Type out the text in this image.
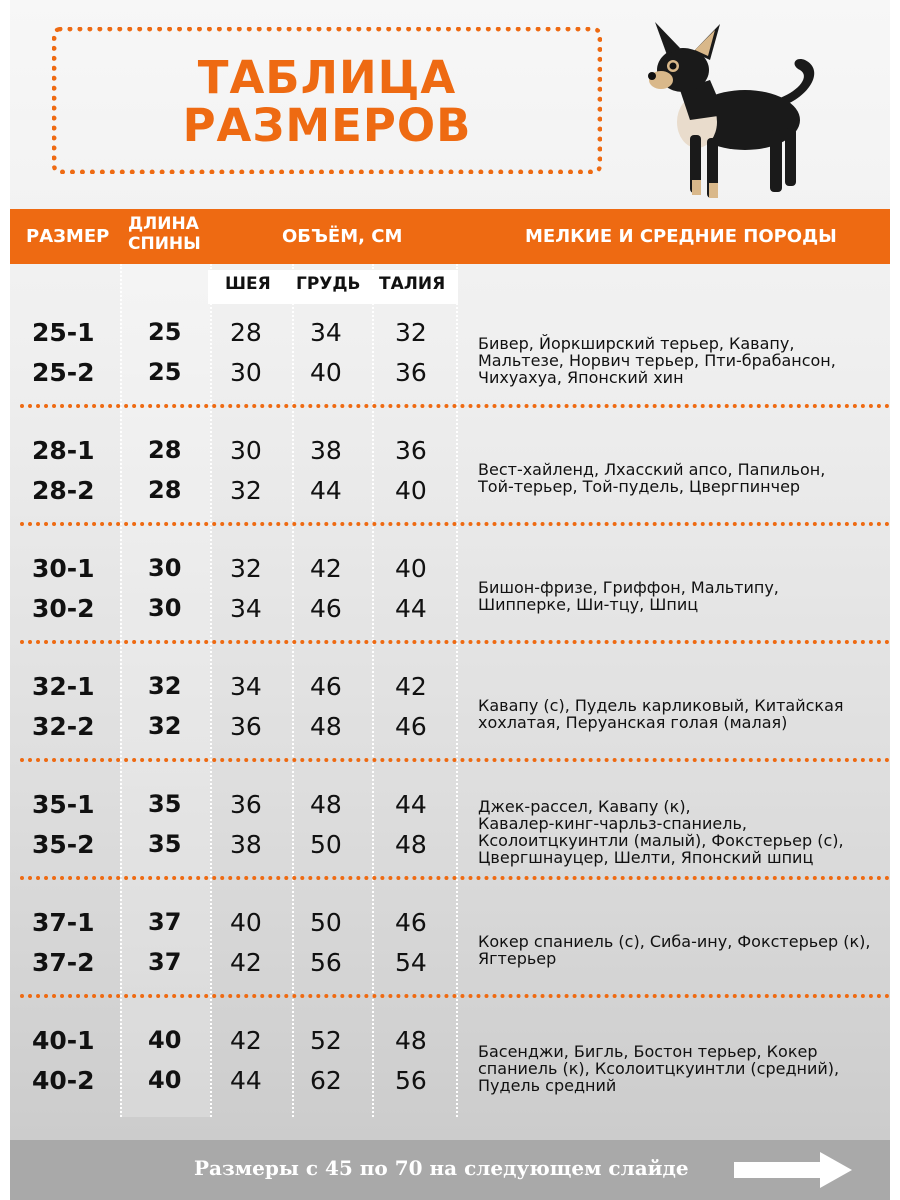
ТАБЛИЦА
РАЗМЕРОВ
РАЗМЕР
ДЛИНА
СПИНЫ	ОБЪЁМ, СМ	МЕЛКИЕ И СРЕДНИЕ ПОРОДЫ
ШЕЯ ГРУДЬ ТАЛИЯ
25-1 25 28 34 32
25-2 25 30 40 36
Бивер, Йоркширский терьер, Кавапу,
Мальтезе, Норвич терьер, Пти-брабансон,
Чихуахуа, Японский хин
28-1 28 30 38 36
28-2 28 32 44 40
Вест-хайленд, Лхасский апсо, Папильон,
Той-терьер, Той-пудель, Цвергпинчер
30-1 30 32 42 40
30-2 30 34 46 44
Бишон-фризе, Гриффон, Мальтипу,
Шипперке, Ши-тцу, Шпиц
32-1 32 34 46 42
32-2 32 36 48 46
Кавапу (с), Пудель карликовый, Китайская
хохлатая, Перуанская голая (малая)
35-1 35 36 48 44
35-2 35 38 50 48
Джек-рассел, Кавапу (к),
Кавалер-кинг-чарльз-спаниель,
Ксолоитцкуинтли (малый), Фокстерьер (с),
Цвергшнауцер, Шелти, Японский шпиц
37-1 37 40 50 46
37-2 37 42 56 54
Кокер спаниель (с), Сиба-ину, Фокстерьер (к),
Ягтерьер
40-1 40 42 52 48
40-2 40 44 62 56
Басенджи, Бигль, Бостон терьер, Кокер
спаниель (к), Ксолоитцкуинтли (средний),
Пудель средний
Размеры с 45 по 70 на следующем слайде
